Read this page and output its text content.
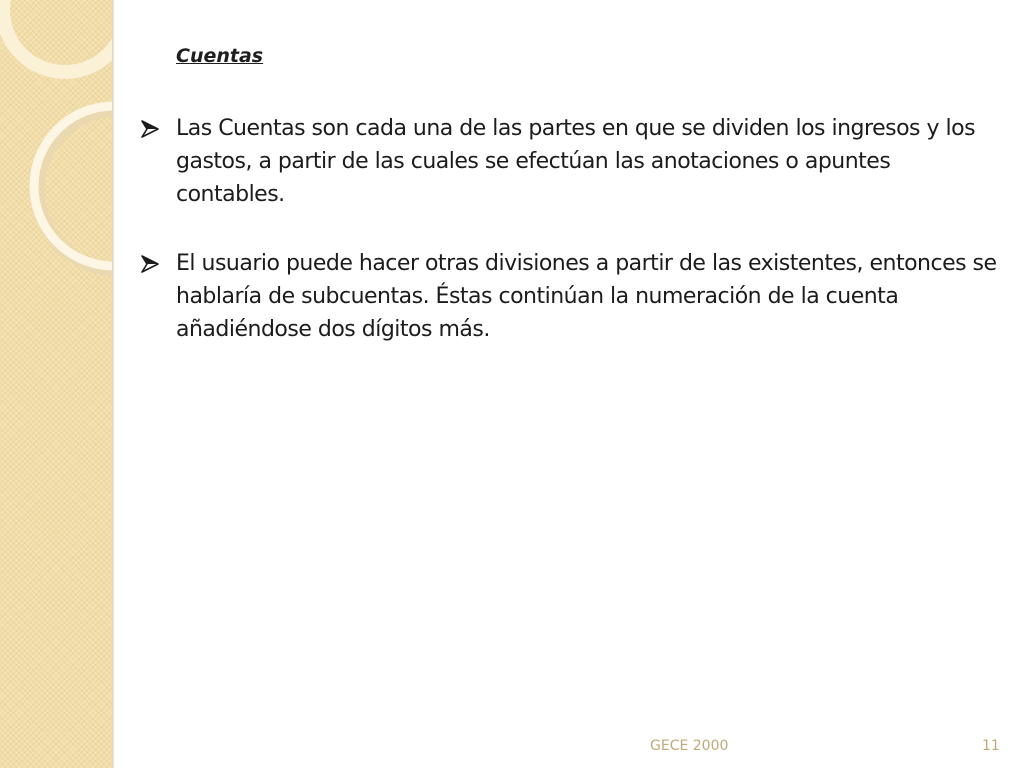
Cuentas
Las Cuentas son cada una de las partes en que se dividen los ingresos y los gastos, a partir de las cuales se efectúan las anotaciones o apuntes contables.
El usuario puede hacer otras divisiones a partir de las existentes, entonces se hablaría de subcuentas. Éstas continúan la numeración de la cuenta añadiéndose dos dígitos más.
GECE 2000	11
